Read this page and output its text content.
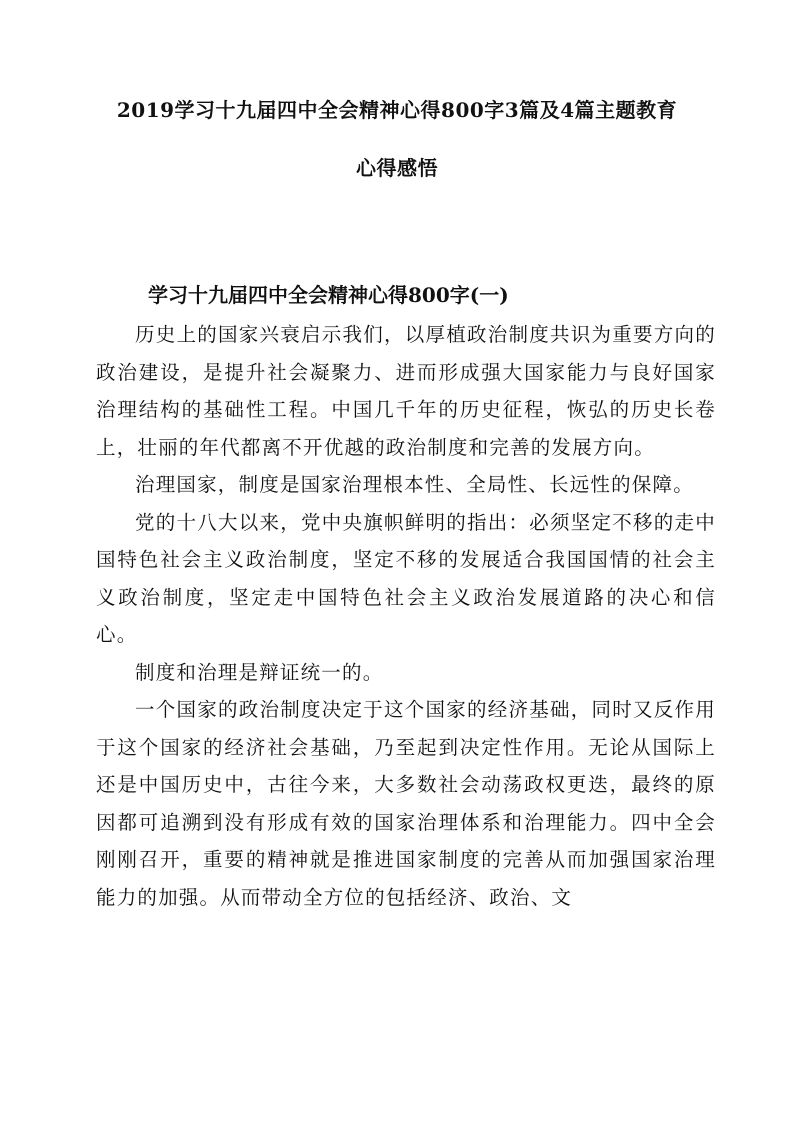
2019学习十九届四中全会精神心得800字3篇及4篇主题教育
心得感悟
学习十九届四中全会精神心得800字(一)

历史上的国家兴衰启示我们，以厚植政治制度共识为重要方向的政治建设，是提升社会凝聚力、进而形成强大国家能力与良好国家治理结构的基础性工程。中国几千年的历史征程，恢弘的历史长卷上，壮丽的年代都离不开优越的政治制度和完善的发展方向。

治理国家，制度是国家治理根本性、全局性、长远性的保障。

党的十八大以来，党中央旗帜鲜明的指出：必须坚定不移的走中国特色社会主义政治制度，坚定不移的发展适合我国国情的社会主义政治制度，坚定走中国特色社会主义政治发展道路的决心和信心。

制度和治理是辩证统一的。

一个国家的政治制度决定于这个国家的经济基础，同时又反作用于这个国家的经济社会基础，乃至起到决定性作用。无论从国际上还是中国历史中，古往今来，大多数社会动荡政权更迭，最终的原因都可追溯到没有形成有效的国家治理体系和治理能力。四中全会刚刚召开，重要的精神就是推进国家制度的完善从而加强国家治理能力的加强。从而带动全方位的包括经济、政治、文
